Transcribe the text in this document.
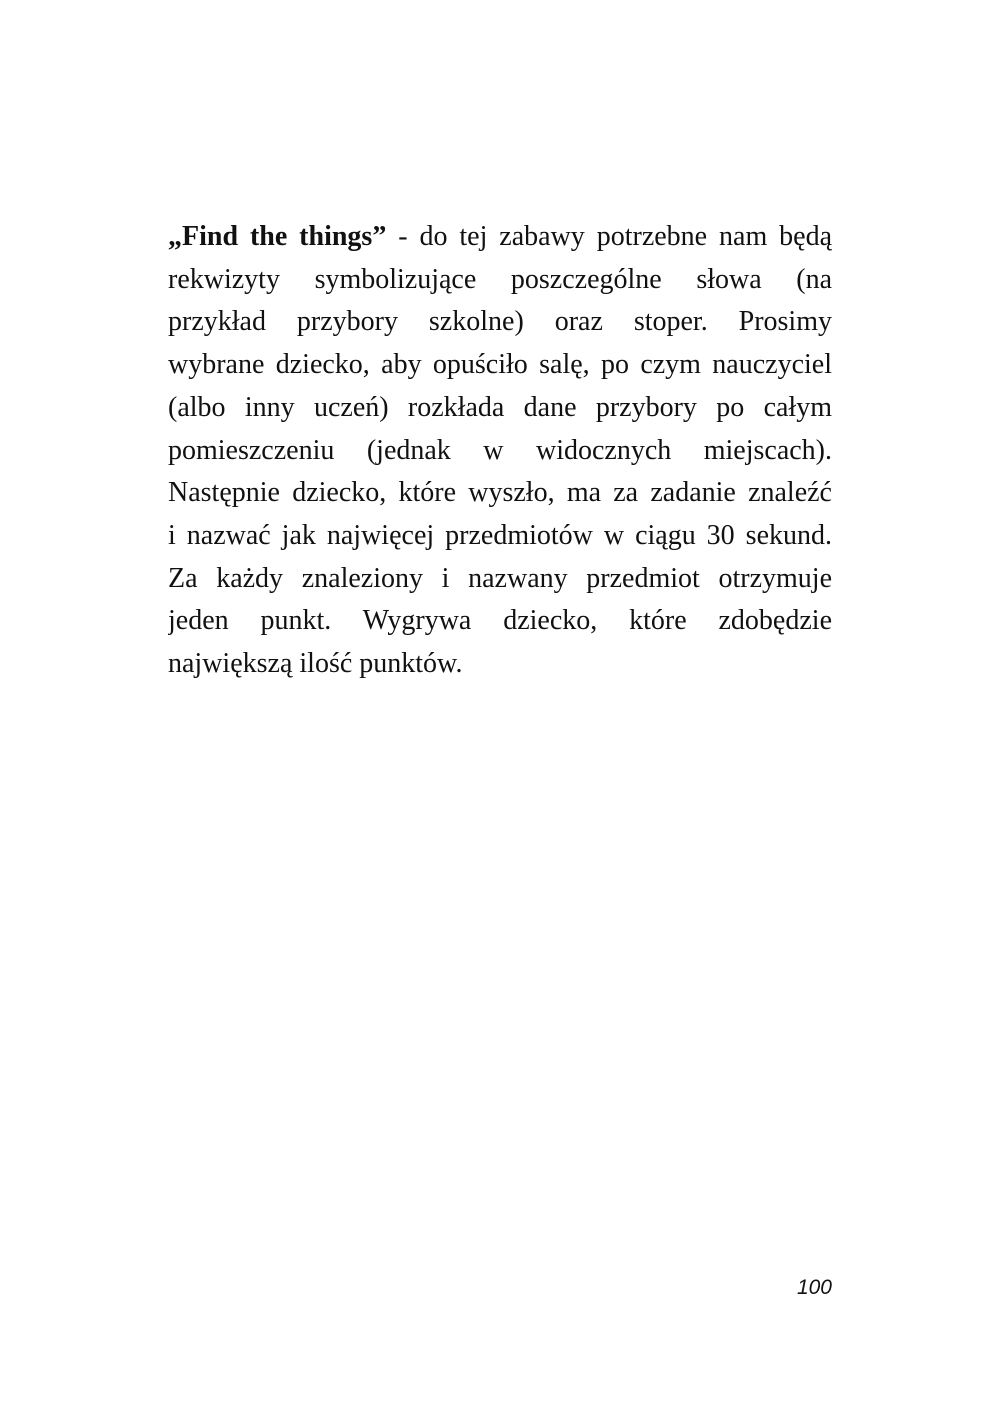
„Find the things” - do tej zabawy potrzebne nam będą
rekwizyty symbolizujące poszczególne słowa (na
przykład przybory szkolne) oraz stoper. Prosimy
wybrane dziecko, aby opuściło salę, po czym nauczyciel
(albo inny uczeń) rozkłada dane przybory po całym
pomieszczeniu (jednak w widocznych miejscach).
Następnie dziecko, które wyszło, ma za zadanie znaleźć
i nazwać jak najwięcej przedmiotów w ciągu 30 sekund.
Za każdy znaleziony i nazwany przedmiot otrzymuje
jeden punkt. Wygrywa dziecko, które zdobędzie
największą ilość punktów.
100
